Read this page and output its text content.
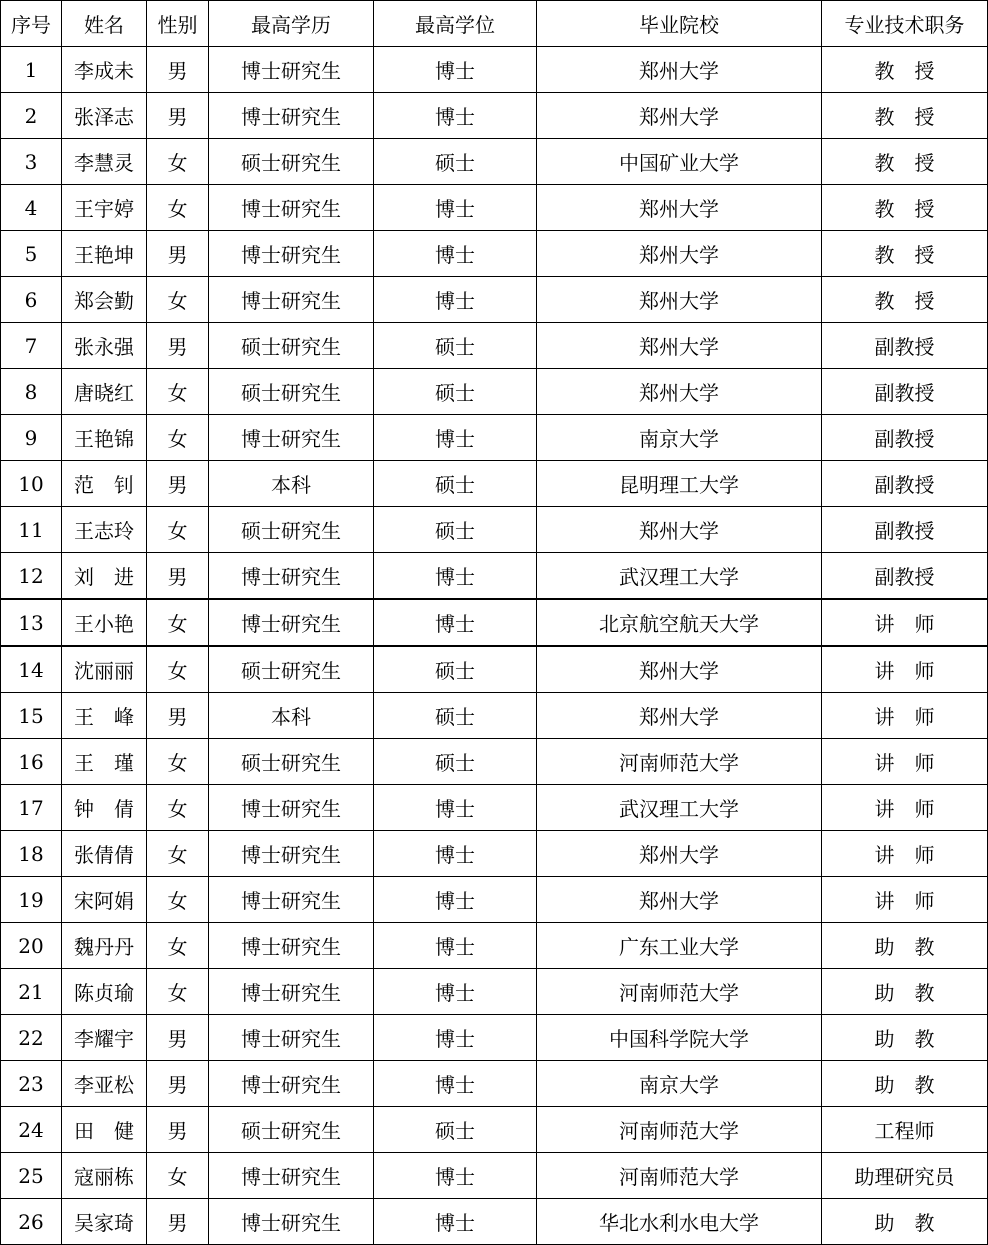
序号	姓名	性别	最高学历	最高学位	毕业院校	专业技术职务
1	李成未	男	博士研究生	博士	郑州大学	教　授
2	张泽志	男	博士研究生	博士	郑州大学	教　授
3	李慧灵	女	硕士研究生	硕士	中国矿业大学	教　授
4	王宇婷	女	博士研究生	博士	郑州大学	教　授
5	王艳坤	男	博士研究生	博士	郑州大学	教　授
6	郑会勤	女	博士研究生	博士	郑州大学	教　授
7	张永强	男	硕士研究生	硕士	郑州大学	副教授
8	唐晓红	女	硕士研究生	硕士	郑州大学	副教授
9	王艳锦	女	博士研究生	博士	南京大学	副教授
10	范　钊	男	本科	硕士	昆明理工大学	副教授
11	王志玲	女	硕士研究生	硕士	郑州大学	副教授
12	刘　进	男	博士研究生	博士	武汉理工大学	副教授
13	王小艳	女	博士研究生	博士	北京航空航天大学	讲　师
14	沈丽丽	女	硕士研究生	硕士	郑州大学	讲　师
15	王　峰	男	本科	硕士	郑州大学	讲　师
16	王　瑾	女	硕士研究生	硕士	河南师范大学	讲　师
17	钟　倩	女	博士研究生	博士	武汉理工大学	讲　师
18	张倩倩	女	博士研究生	博士	郑州大学	讲　师
19	宋阿娟	女	博士研究生	博士	郑州大学	讲　师
20	魏丹丹	女	博士研究生	博士	广东工业大学	助　教
21	陈贞瑜	女	博士研究生	博士	河南师范大学	助　教
22	李耀宇	男	博士研究生	博士	中国科学院大学	助　教
23	李亚松	男	博士研究生	博士	南京大学	助　教
24	田　健	男	硕士研究生	硕士	河南师范大学	工程师
25	寇丽栋	女	博士研究生	博士	河南师范大学	助理研究员
26	吴家琦	男	博士研究生	博士	华北水利水电大学	助　教
